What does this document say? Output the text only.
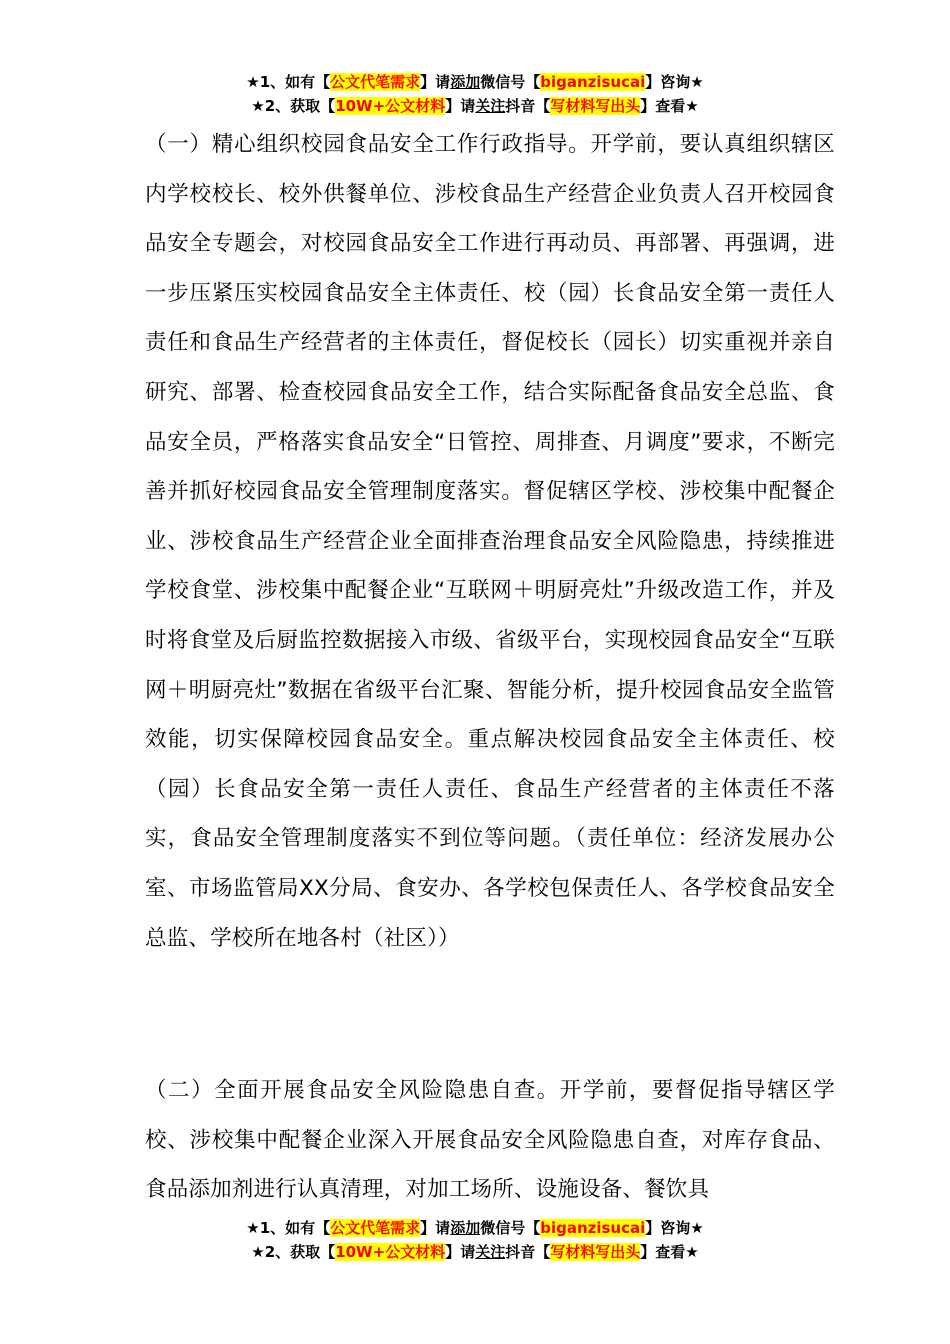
★1、如有【公文代笔需求】请添加微信号【biganzisucai】咨询★
★2、获取【10W+公文材料】请关注抖音【写材料写出头】查看★
（一）精心组织校园食品安全工作行政指导。开学前，要认真组织辖区内学校校长、校外供餐单位、涉校食品生产经营企业负责人召开校园食品安全专题会，对校园食品安全工作进行再动员、再部署、再强调，进一步压紧压实校园食品安全主体责任、校（园）长食品安全第一责任人责任和食品生产经营者的主体责任，督促校长（园长）切实重视并亲自研究、部署、检查校园食品安全工作，结合实际配备食品安全总监、食品安全员，严格落实食品安全“日管控、周排查、月调度”要求，不断完善并抓好校园食品安全管理制度落实。督促辖区学校、涉校集中配餐企业、涉校食品生产经营企业全面排查治理食品安全风险隐患，持续推进学校食堂、涉校集中配餐企业“互联网＋明厨亮灶”升级改造工作，并及时将食堂及后厨监控数据接入市级、省级平台，实现校园食品安全“互联网＋明厨亮灶”数据在省级平台汇聚、智能分析，提升校园食品安全监管效能，切实保障校园食品安全。重点解决校园食品安全主体责任、校（园）长食品安全第一责任人责任、食品生产经营者的主体责任不落实，食品安全管理制度落实不到位等问题。（责任单位：经济发展办公室、市场监管局XX分局、食安办、各学校包保责任人、各学校食品安全总监、学校所在地各村（社区））
（二）全面开展食品安全风险隐患自查。开学前，要督促指导辖区学校、涉校集中配餐企业深入开展食品安全风险隐患自查，对库存食品、食品添加剂进行认真清理，对加工场所、设施设备、餐饮具
★1、如有【公文代笔需求】请添加微信号【biganzisucai】咨询★
★2、获取【10W+公文材料】请关注抖音【写材料写出头】查看★
